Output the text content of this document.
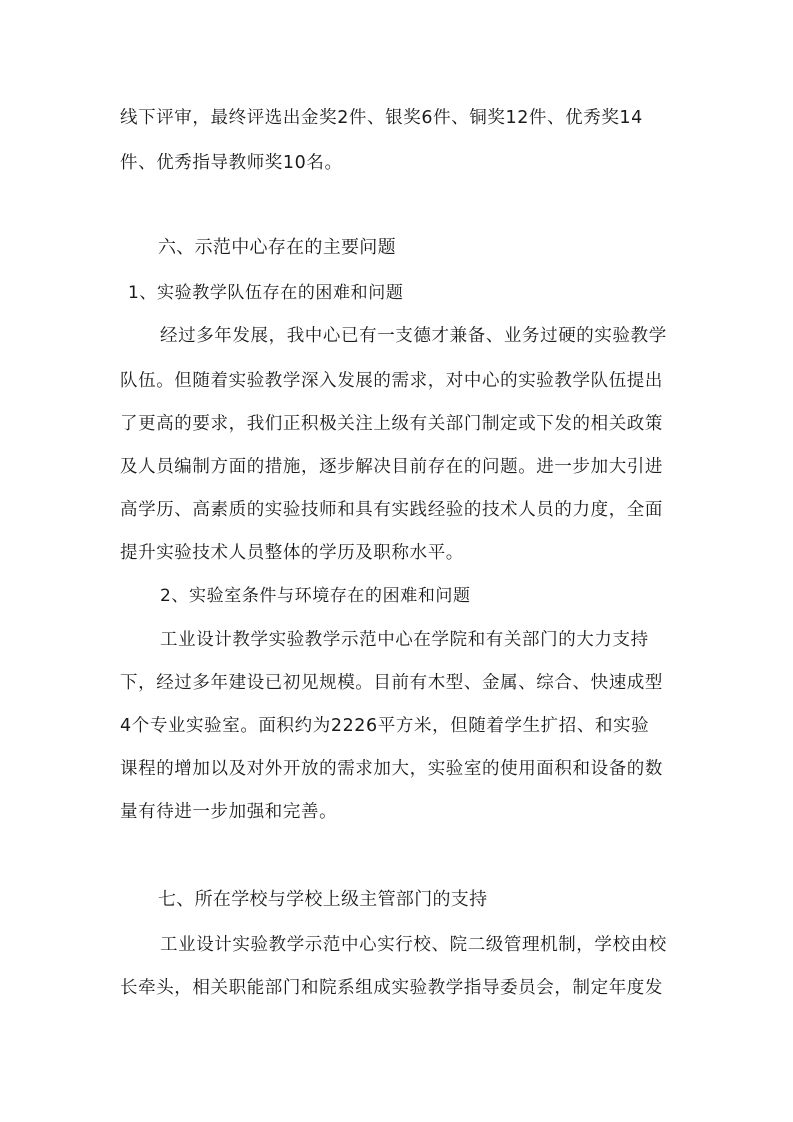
线下评审，最终评选出金奖2件、银奖6件、铜奖12件、优秀奖14
件、优秀指导教师奖10名。
六、示范中心存在的主要问题
1、实验教学队伍存在的困难和问题
经过多年发展，我中心已有一支德才兼备、业务过硬的实验教学
队伍。但随着实验教学深入发展的需求，对中心的实验教学队伍提出
了更高的要求，我们正积极关注上级有关部门制定或下发的相关政策
及人员编制方面的措施，逐步解决目前存在的问题。进一步加大引进
高学历、高素质的实验技师和具有实践经验的技术人员的力度，全面
提升实验技术人员整体的学历及职称水平。
2、实验室条件与环境存在的困难和问题
工业设计教学实验教学示范中心在学院和有关部门的大力支持
下，经过多年建设已初见规模。目前有木型、金属、综合、快速成型
4个专业实验室。面积约为2226平方米，但随着学生扩招、和实验
课程的增加以及对外开放的需求加大，实验室的使用面积和设备的数
量有待进一步加强和完善。
七、所在学校与学校上级主管部门的支持
工业设计实验教学示范中心实行校、院二级管理机制，学校由校
长牵头，相关职能部门和院系组成实验教学指导委员会，制定年度发
